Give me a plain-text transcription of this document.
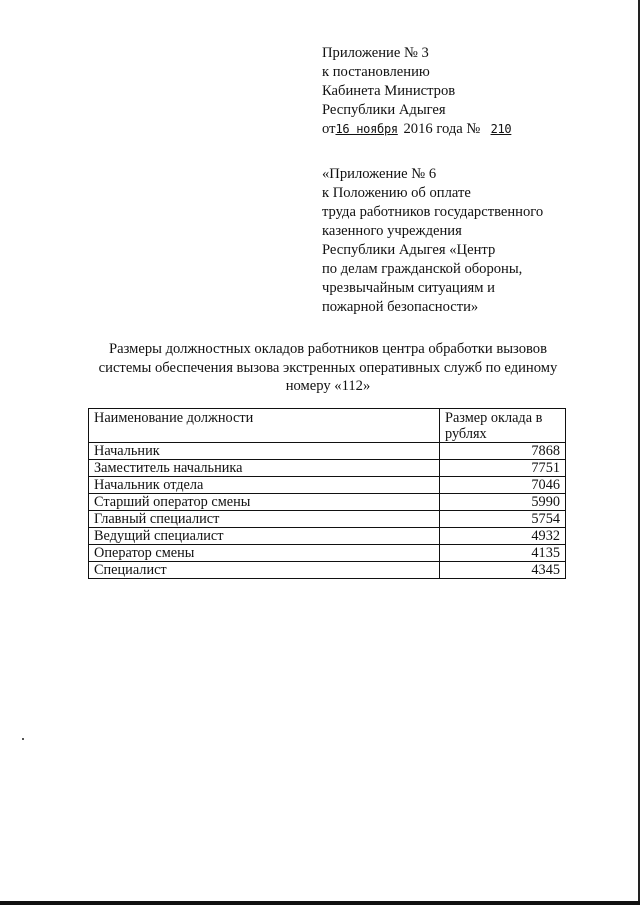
Приложение № 3
к постановлению
Кабинета Министров
Республики Адыгея
от16 ноября 2016 года № 210
«Приложение № 6
к Положению об оплате
труда работников государственного
казенного учреждения
Республики Адыгея «Центр
по делам гражданской обороны,
чрезвычайным ситуациям и
пожарной безопасности»
Размеры должностных окладов работников центра обработки вызовов
системы обеспечения вызова экстренных оперативных служб по единому
номеру «112»
Наименование должности	Размер оклада в рублях
Начальник	7868
Заместитель начальника	7751
Начальник отдела	7046
Старший оператор смены	5990
Главный специалист	5754
Ведущий специалист	4932
Оператор смены	4135
Специалист	4345
